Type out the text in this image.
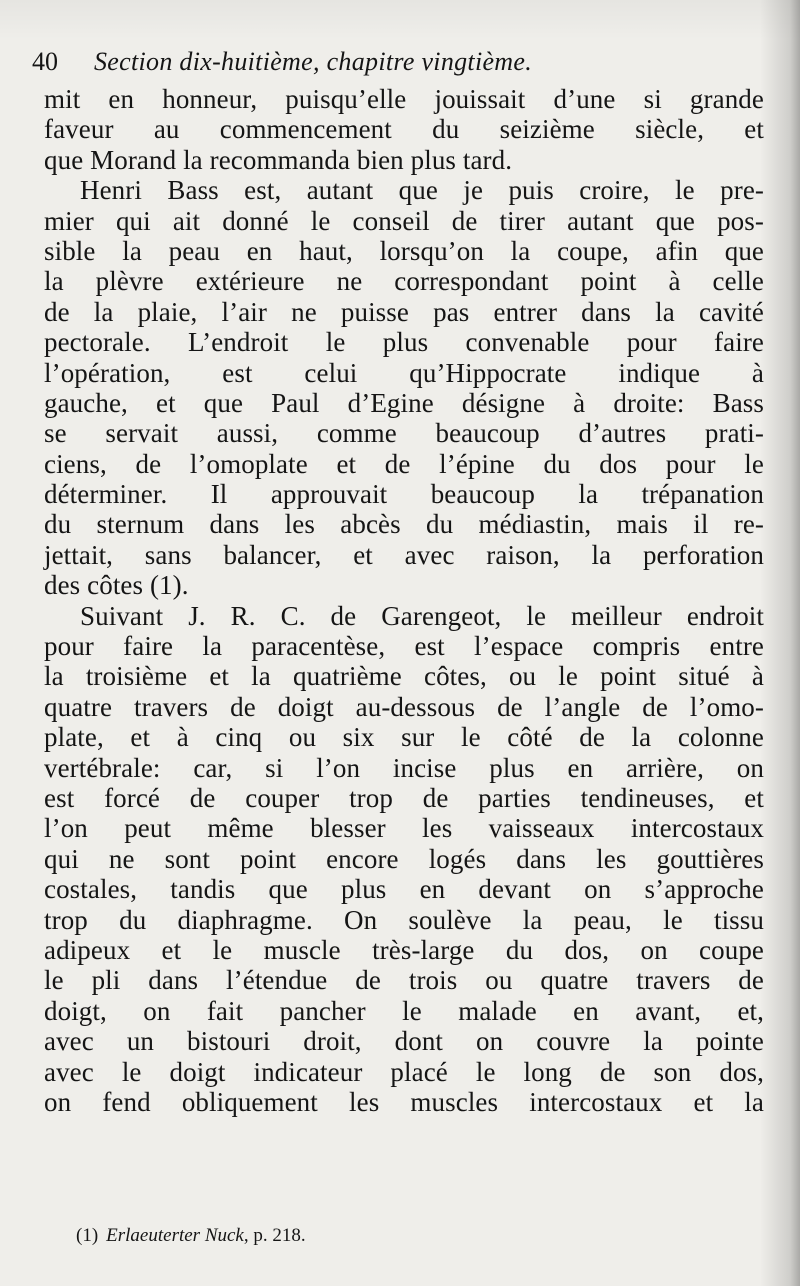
40 Section dix-huitième, chapitre vingtième.
mit en honneur, puisqu’elle jouissait d’une si grande
faveur au commencement du seizième siècle, et
que Morand la recommanda bien plus tard.
Henri Bass est, autant que je puis croire, le pre-
mier qui ait donné le conseil de tirer autant que pos-
sible la peau en haut, lorsqu’on la coupe, afin que
la plèvre extérieure ne correspondant point à celle
de la plaie, l’air ne puisse pas entrer dans la cavité
pectorale. L’endroit le plus convenable pour faire
l’opération, est celui qu’Hippocrate indique à
gauche, et que Paul d’Egine désigne à droite: Bass
se servait aussi, comme beaucoup d’autres prati-
ciens, de l’omoplate et de l’épine du dos pour le
déterminer. Il approuvait beaucoup la trépanation
du sternum dans les abcès du médiastin, mais il re-
jettait, sans balancer, et avec raison, la perforation
des côtes (1).
Suivant J. R. C. de Garengeot, le meilleur endroit
pour faire la paracentèse, est l’espace compris entre
la troisième et la quatrième côtes, ou le point situé à
quatre travers de doigt au-dessous de l’angle de l’omo-
plate, et à cinq ou six sur le côté de la colonne
vertébrale: car, si l’on incise plus en arrière, on
est forcé de couper trop de parties tendineuses, et
l’on peut même blesser les vaisseaux intercostaux
qui ne sont point encore logés dans les gouttières
costales, tandis que plus en devant on s’approche
trop du diaphragme. On soulève la peau, le tissu
adipeux et le muscle très-large du dos, on coupe
le pli dans l’étendue de trois ou quatre travers de
doigt, on fait pancher le malade en avant, et,
avec un bistouri droit, dont on couvre la pointe
avec le doigt indicateur placé le long de son dos,
on fend obliquement les muscles intercostaux et la
(1) Erlaeuterter Nuck, p. 218.
